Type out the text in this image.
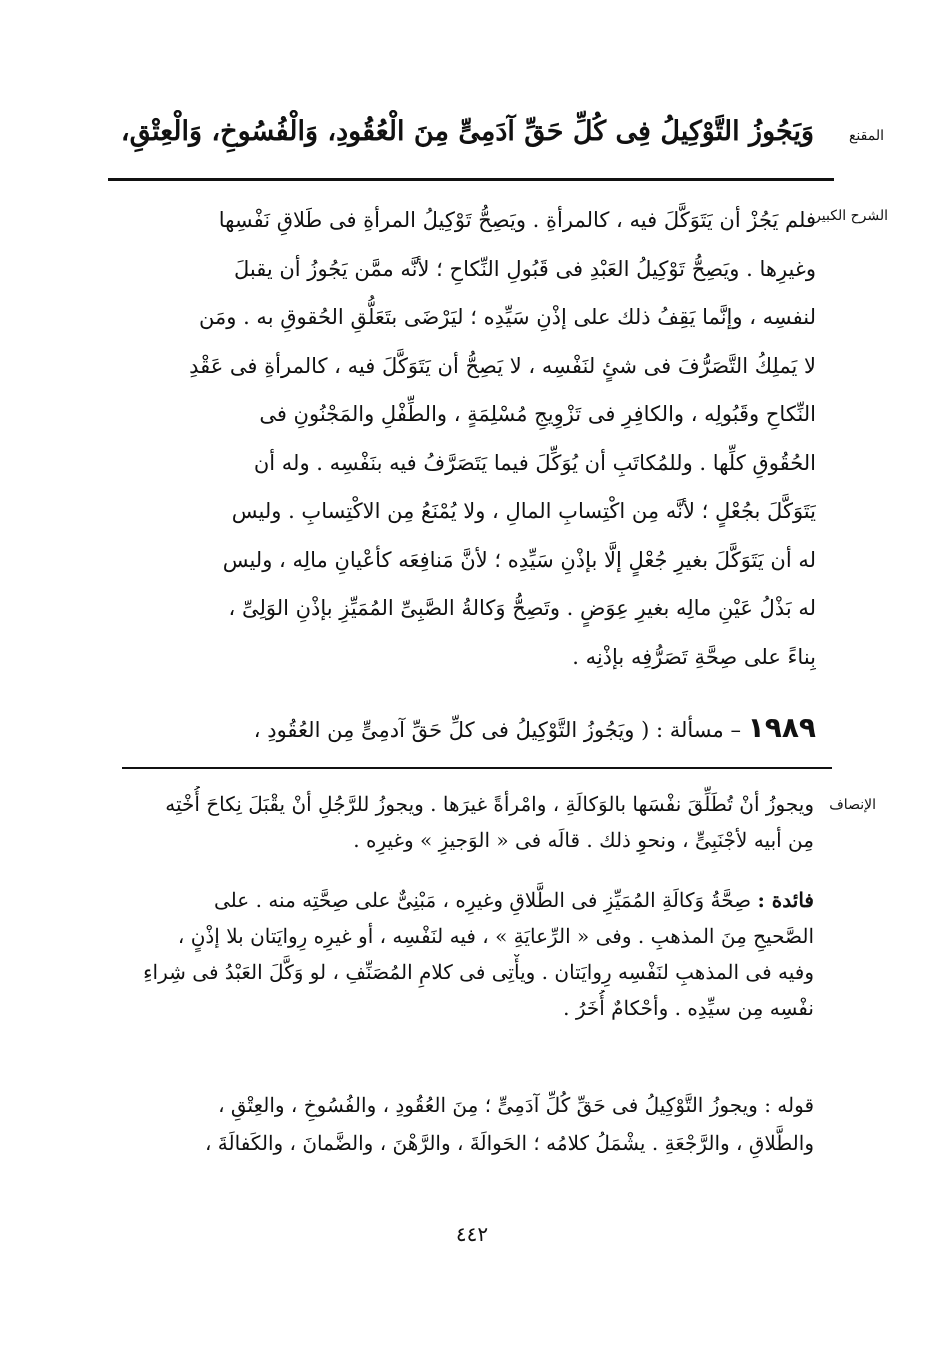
المقنع
وَيَجُوزُ التَّوْكِيلُ فِى كُلِّ حَقِّ آدَمِىٍّ مِنَ الْعُقُودِ، وَالْفُسُوخِ، وَالْعِتْقِ،
الشرح الكبير
فلم يَجُزْ أن يَتَوَكَّلَ فيه ، كالمرأةِ . ويَصِحُّ تَوْكِيلُ المرأةِ فى طَلاقِ نَفْسِها
وغيرِها . ويَصِحُّ تَوْكِيلُ العَبْدِ فى قَبُولِ النِّكاحِ ؛ لأنَّه ممَّن يَجُوزُ أن يقبلَ
لنفسِه ، وإنَّما يَقِفُ ذلك على إذْنِ سَيِّدِه ؛ ليَرْضَى بتَعَلُّقِ الحُقوقِ به . ومَن
لا يَملِكُ التَّصَرُّفَ فى شئٍ لنَفْسِه ، لا يَصِحُّ أن يَتَوَكَّلَ فيه ، كالمرأةِ فى عَقْدِ
النِّكاحِ وقَبُولِه ، والكافِرِ فى تَزْوِيجِ مُسْلِمَةٍ ، والطِّفْلِ والمَجْنُونِ فى
الحُقُوقِ كلِّها . وللمُكاتَبِ أن يُوَكِّلَ فيما يَتَصَرَّفُ فيه بنَفْسِه . وله أن
يَتَوَكَّلَ بجُعْلٍ ؛ لأنَّه مِن اكْتِسابِ المالِ ، ولا يُمْنَعُ مِن الاكْتِسابِ . وليس
له أن يَتَوَكَّلَ بغيرِ جُعْلٍ إلَّا بإذْنِ سَيِّدِه ؛ لأنَّ مَنافِعَه كأعْيانِ مالِه ، وليس
له بَذْلُ عَيْنِ مالِه بغيرِ عِوَضٍ . وتَصِحُّ وَكالةُ الصَّبِىِّ المُمَيِّزِ بإذْنِ الوَلِىِّ ،
بِناءً على صِحَّةِ تَصَرُّفِه بإذْنِه .
١٩٨٩ – مسألة : ( ويَجُوزُ التَّوْكِيلُ فى كلِّ حَقِّ آدمِىٍّ مِن العُقُودِ ،
الإنصاف
ويجوزُ أنْ تُطَلِّقَ نفْسَها بالوَكالَةِ ، وامْرأةً غيرَها . ويجوزُ للرَّجُلِ أنْ يقْبَلَ نِكاحَ أُخْتِه
مِن أبيه لأجْنَبِىٍّ ، ونحوِ ذلك . قالَه فى « الوَجيزِ » وغيرِه .
فائدة : صِحَّةُ وَكالَةِ المُمَيِّزِ فى الطَّلاقِ وغيرِه ، مَبْنِىٌّ على صِحَّتِه منه . على
الصَّحيحِ مِنَ المذهبِ . وفى « الرِّعايَةِ » ، فيه لنَفْسِه ، أو غيرِه رِوايَتان بلا إذْنٍ ،
وفيه فى المذهبِ لنَفْسِه رِوايَتان . ويأْتِى فى كلامِ المُصَنِّفِ ، لو وَكَّلَ العَبْدُ فى شِراءِ
نفْسِه مِن سيِّدِه . وأحْكامٌ أُخَرُ .
قوله : ويجوزُ التَّوْكِيلُ فى حَقِّ كُلِّ آدَمِىٍّ ؛ مِنَ العُقُودِ ، والفُسُوخِ ، والعِتْقِ ،
والطَّلاقِ ، والرَّجْعَةِ . يشْمَلُ كلامُه ؛ الحَوالَةَ ، والرَّهْنَ ، والضَّمانَ ، والكَفالَةَ ،
٤٤٢
